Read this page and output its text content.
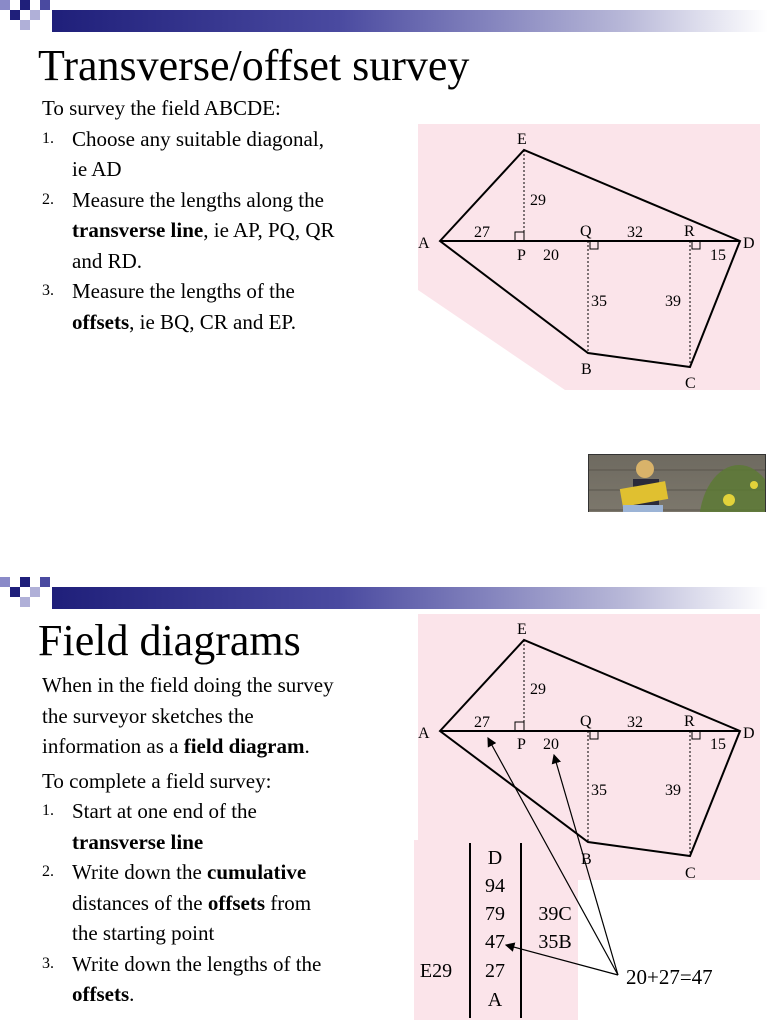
Transverse/offset survey

To survey the field ABCDE:

1. Choose any suitable diagonal,
ie AD
2. Measure the lengths along the
transverse line, ie AP, PQ, QR
and RD.
3. Measure the lengths of the
offsets, ie BQ, CR and EP.
A
E
D
B
C
P
Q	R
27
20
32
15
29
35	39
Field diagrams

When in the field doing the survey
the surveyor sketches the
information as a field diagram.

To complete a field survey:

1. Start at one end of the
transverse line
2. Write down the cumulative
distances of the offsets from
the starting point
3. Write down the lengths of the
offsets.
A
E
D
C
P
Q	R
27
20
32
15
29
35	39
D
94
79 39C
47 35B
E29 27
A
B
20+27=47
